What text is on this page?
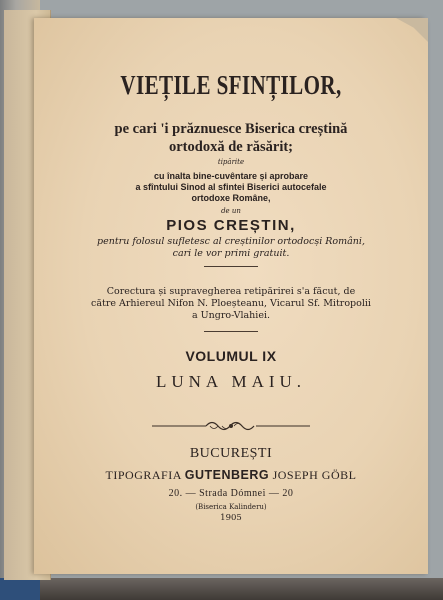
VIEȚILE SFINȚILOR,
pe cari 'i prăznuesce Biserica creștină
ortodoxă de răsărit;
tipărite
cu înalta bine-cuvêntare și aprobare
a sfîntului Sinod al sfintei Biserici autocefale
ortodoxe Române,
de un
PIOS CREȘTIN,
pentru folosul sufletesc al creștinilor ortodocși Români,
cari le vor primi gratuit.
Corectura și supravegherea retipărirei s'a făcut, de
către Arhiereul Nifon N. Ploeșteanu, Vicarul Sf. Mitropolii
a Ungro-Vlahiei.
VOLUMUL IX
LUNA MAIU.
BUCUREȘTI
TIPOGRAFIA GUTENBERG JOSEPH GÖBL
20. — Strada Dómnei — 20
(Biserica Kalinderu)
1905
